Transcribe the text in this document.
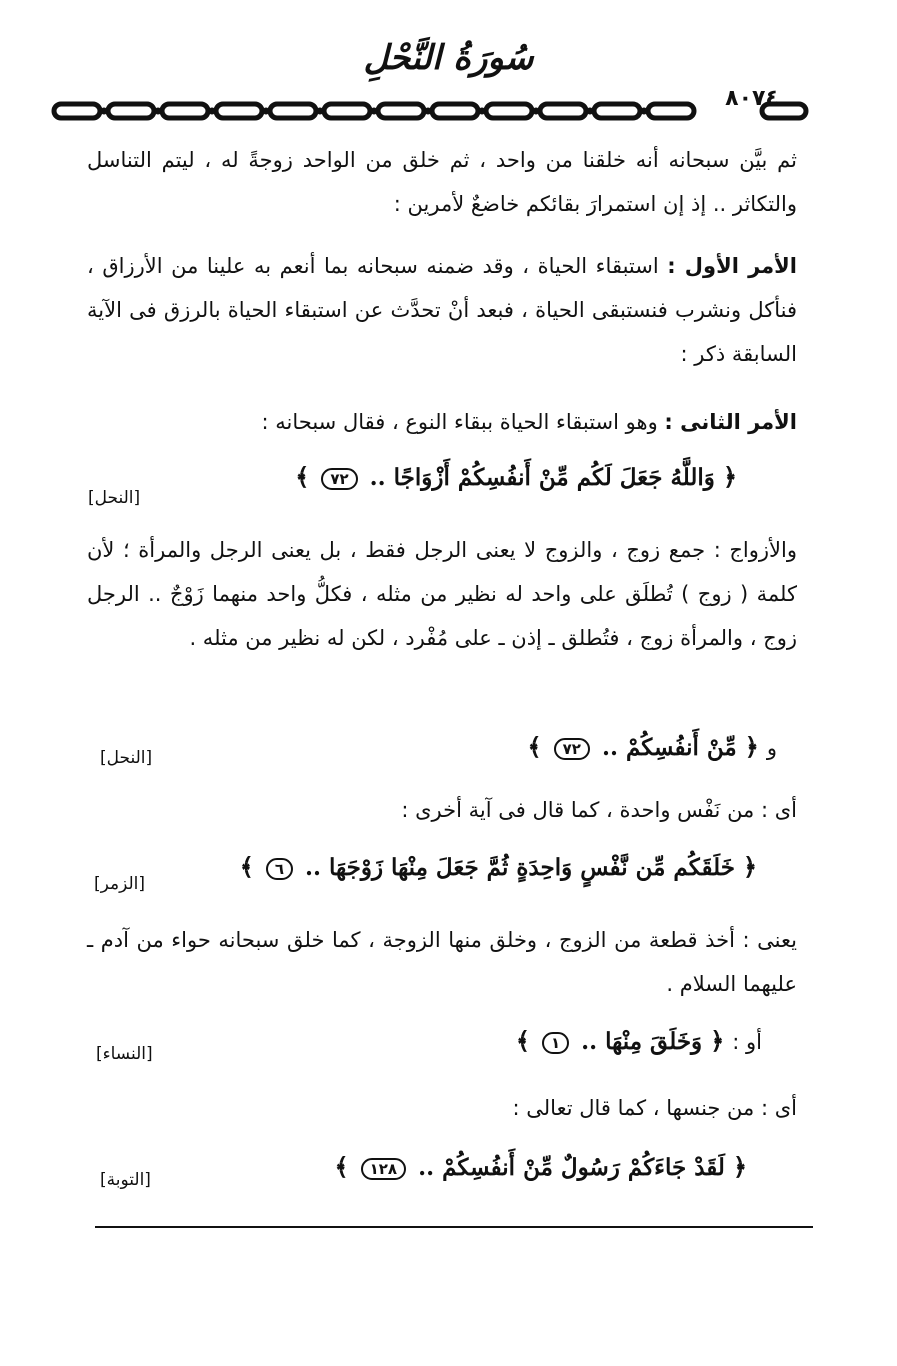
سُورَةُ النَّحْلِ
٨٠٧٤
ثم بيَّن سبحانه أنه خلقنا من واحد ، ثم خلق من الواحد زوجةً له ، ليتم التناسل والتكاثر .. إذ إن استمرارَ بقائكم خاضعٌ لأمرين :
الأمر الأول : استبقاء الحياة ، وقد ضمنه سبحانه بما أنعم به علينا من الأرزاق ، فنأكل ونشرب فنستبقى الحياة ، فبعد أنْ تحدَّث عن استبقاء الحياة بالرزق فى الآية السابقة ذكر :
الأمر الثانى : وهو استبقاء الحياة ببقاء النوع ، فقال سبحانه :
﴿ وَاللَّهُ جَعَلَ لَكُم مِّنْ أَنفُسِكُمْ أَزْوَاجًا .. ٧٢ ﴾
[النحل]
والأزواج : جمع زوج ، والزوج لا يعنى الرجل فقط ، بل يعنى الرجل والمرأة ؛ لأن كلمة ( زوج ) تُطلَق على واحد له نظير من مثله ، فكلُّ واحد منهما زَوْجٌ .. الرجل زوج ، والمرأة زوج ، فتُطلق ـ إذن ـ على مُفْرد ، لكن له نظير من مثله .
و ﴿ مِّنْ أَنفُسِكُمْ .. ٧٢ ﴾
[النحل]
أى : من نَفْس واحدة ، كما قال فى آية أخرى :
﴿ خَلَقَكُم مِّن نَّفْسٍ وَاحِدَةٍ ثُمَّ جَعَلَ مِنْهَا زَوْجَهَا .. ٦ ﴾
[الزمر]
يعنى : أخذ قطعة من الزوج ، وخلق منها الزوجة ، كما خلق سبحانه حواء من آدم ـ عليهما السلام .
أو : ﴿ وَخَلَقَ مِنْهَا .. ١ ﴾
[النساء]
أى : من جنسها ، كما قال تعالى :
﴿ لَقَدْ جَاءَكُمْ رَسُولٌ مِّنْ أَنفُسِكُمْ .. ١٢٨ ﴾
[التوبة]
